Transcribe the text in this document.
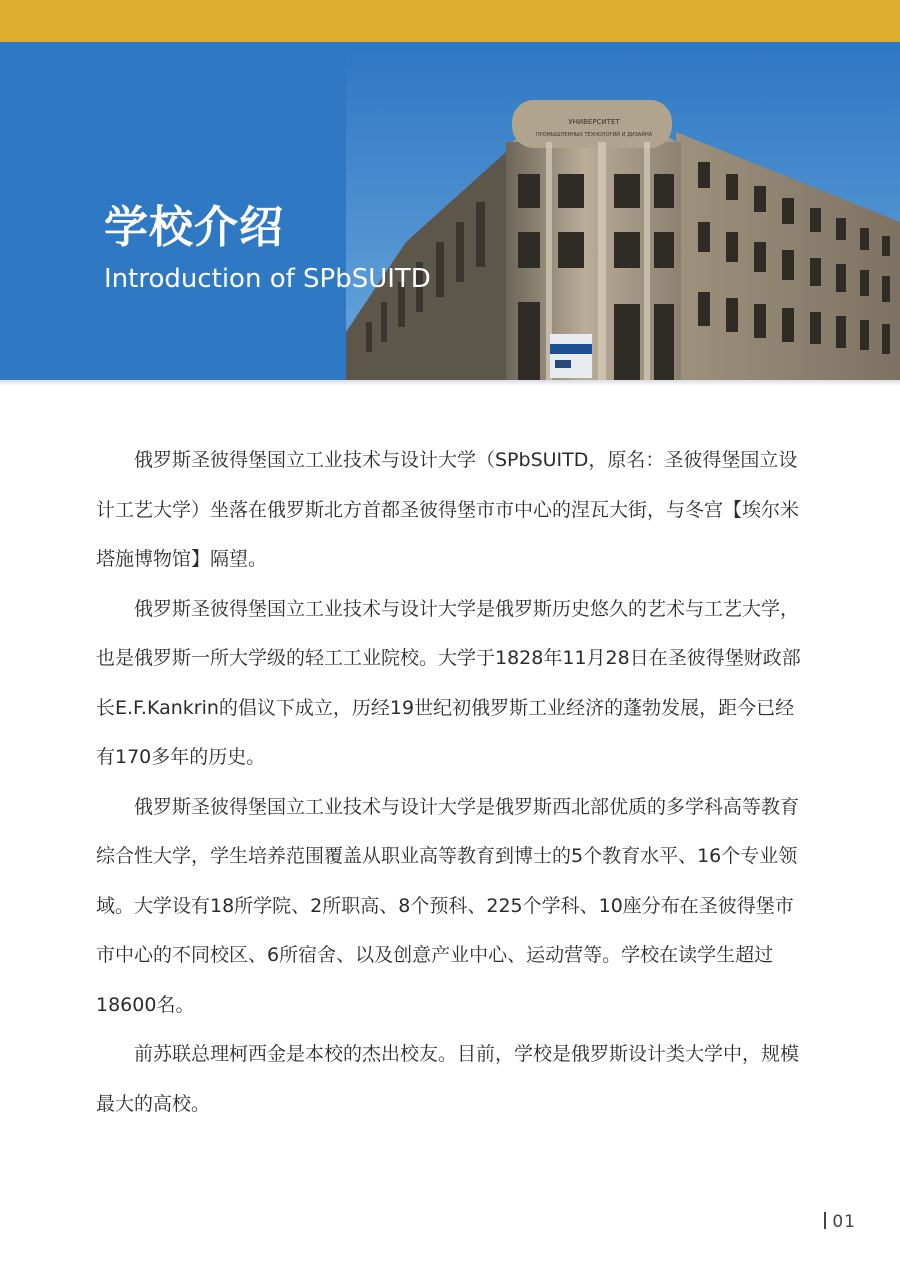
УНИВЕРСИТЕТ
ПРОМЫШЛЕННЫХ ТЕХНОЛОГИЙ И ДИЗАЙНА
学校介绍
Introduction of SPbSUITD

俄罗斯圣彼得堡国立工业技术与设计大学（SPbSUITD，原名：圣彼得堡国立设计工艺大学）坐落在俄罗斯北方首都圣彼得堡市市中心的涅瓦大街，与冬宫【埃尔米塔施博物馆】隔望。

俄罗斯圣彼得堡国立工业技术与设计大学是俄罗斯历史悠久的艺术与工艺大学，也是俄罗斯一所大学级的轻工工业院校。大学于1828年11月28日在圣彼得堡财政部长E.F.Kankrin的倡议下成立，历经19世纪初俄罗斯工业经济的蓬勃发展，距今已经有170多年的历史。

俄罗斯圣彼得堡国立工业技术与设计大学是俄罗斯西北部优质的多学科高等教育综合性大学，学生培养范围覆盖从职业高等教育到博士的5个教育水平、16个专业领域。大学设有18所学院、2所职高、8个预科、225个学科、10座分布在圣彼得堡市市中心的不同校区、6所宿舍、以及创意产业中心、运动营等。学校在读学生超过18600名。

前苏联总理柯西金是本校的杰出校友。目前，学校是俄罗斯设计类大学中，规模最大的高校。

01
